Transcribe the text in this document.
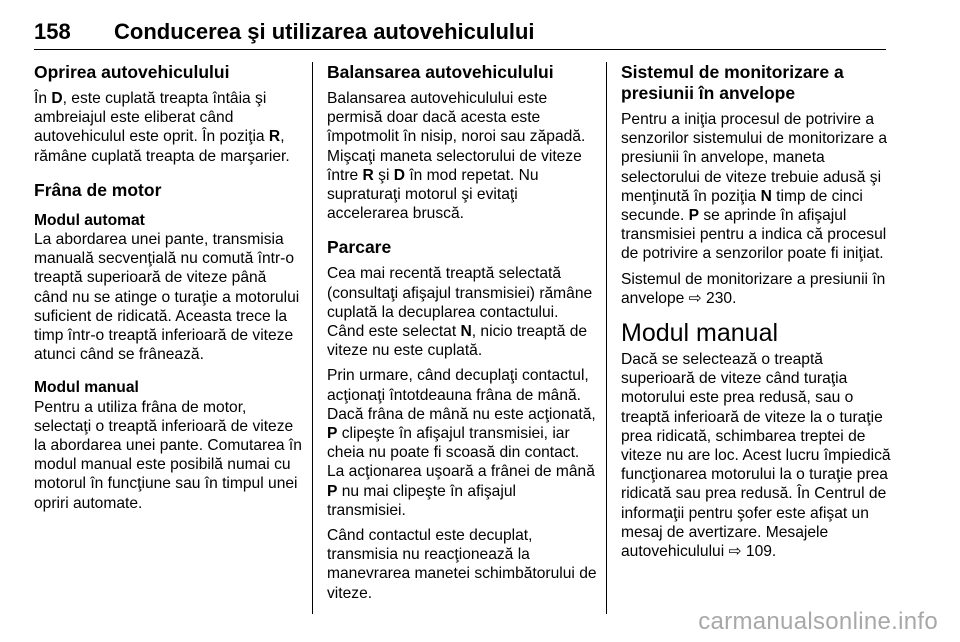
158	Conducerea şi utilizarea autovehiculului
Oprirea autovehiculului

În D, este cuplată treapta întâia şi ambreiajul este eliberat când autovehiculul este oprit. În poziţia R, rămâne cuplată treapta de marşarier.

Frâna de motor
Modul automat

La abordarea unei pante, transmisia manuală secvenţială nu comută într-o treaptă superioară de viteze până când nu se atinge o turaţie a motorului suficient de ridicată. Aceasta trece la timp într-o treaptă inferioară de viteze atunci când se frânează.

Modul manual

Pentru a utiliza frâna de motor, selectaţi o treaptă inferioară de viteze la abordarea unei pante. Comutarea în modul manual este posibilă numai cu motorul în funcţiune sau în timpul unei opriri automate.

Balansarea autovehiculului

Balansarea autovehiculului este permisă doar dacă acesta este împotmolit în nisip, noroi sau zăpadă. Mişcaţi maneta selectorului de viteze între R şi D în mod repetat. Nu supraturaţi motorul şi evitaţi accelerarea bruscă.

Parcare

Cea mai recentă treaptă selectată (consultaţi afişajul transmisiei) rămâne cuplată la decuplarea contactului. Când este selectat N, nicio treaptă de viteze nu este cuplată.

Prin urmare, când decuplaţi contactul, acţionaţi întotdeauna frâna de mână. Dacă frâna de mână nu este acţionată, P clipeşte în afişajul transmisiei, iar cheia nu poate fi scoasă din contact. La acţionarea uşoară a frânei de mână P nu mai clipeşte în afişajul transmisiei.

Când contactul este decuplat, transmisia nu reacţionează la manevrarea manetei schimbătorului de viteze.

Sistemul de monitorizare a presiunii în anvelope

Pentru a iniţia procesul de potrivire a senzorilor sistemului de monitorizare a presiunii în anvelope, maneta selectorului de viteze trebuie adusă şi menţinută în poziţia N timp de cinci secunde. P se aprinde în afişajul transmisiei pentru a indica că procesul de potrivire a senzorilor poate fi iniţiat.

Sistemul de monitorizare a presiunii în anvelope ⇨ 230.

Modul manual

Dacă se selectează o treaptă superioară de viteze când turaţia motorului este prea redusă, sau o treaptă inferioară de viteze la o turaţie prea ridicată, schimbarea treptei de viteze nu are loc. Acest lucru împiedică funcţionarea motorului la o turaţie prea ridicată sau prea redusă. În Centrul de informaţii pentru şofer este afişat un mesaj de avertizare. Mesajele autovehiculului ⇨ 109.

carmanualsonline.info
